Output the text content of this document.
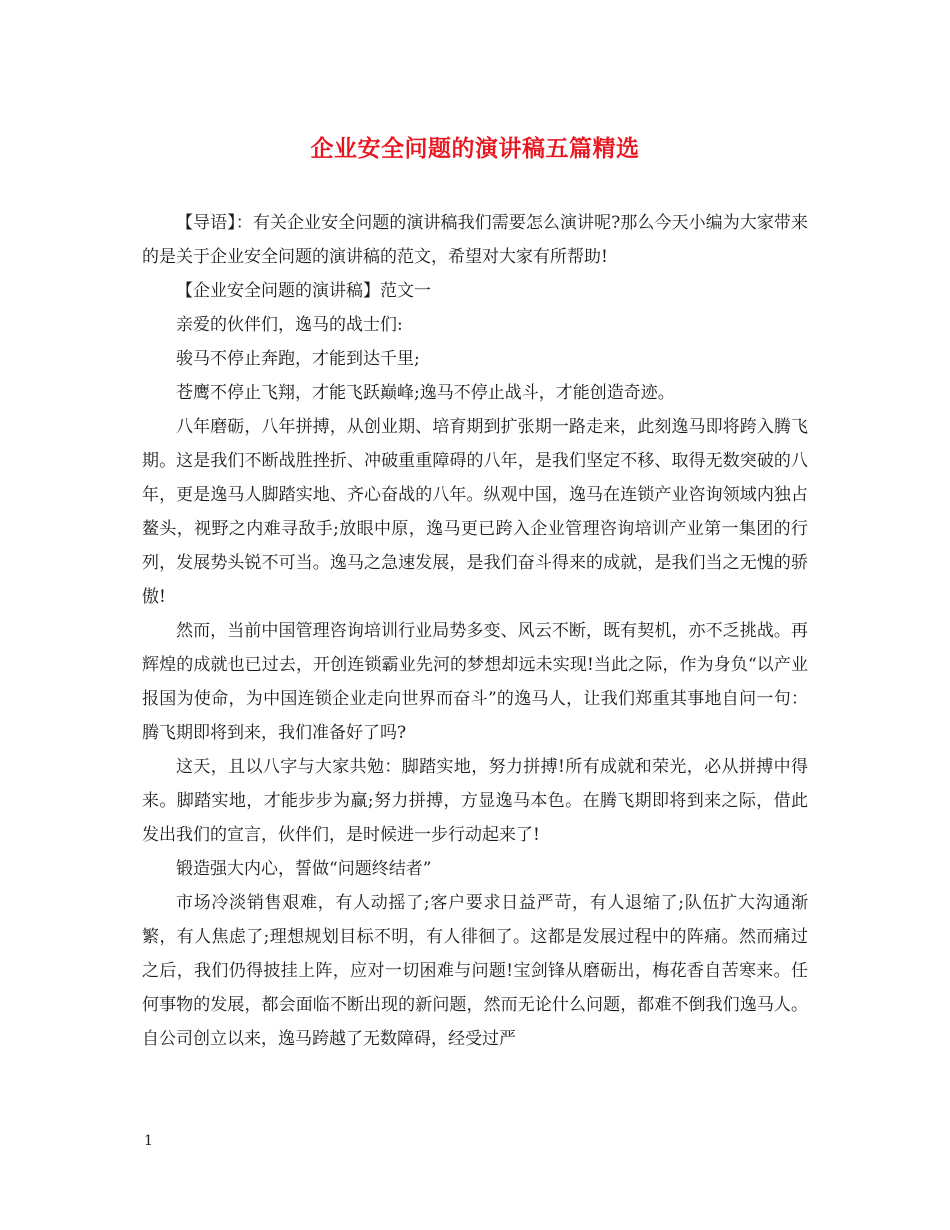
企业安全问题的演讲稿五篇精选

【导语】：有关企业安全问题的演讲稿我们需要怎么演讲呢?那么今天小编为大家带来的是关于企业安全问题的演讲稿的范文，希望对大家有所帮助!

【企业安全问题的演讲稿】范文一

亲爱的伙伴们，逸马的战士们:

骏马不停止奔跑，才能到达千里;

苍鹰不停止飞翔，才能飞跃巅峰;逸马不停止战斗，才能创造奇迹。

八年磨砺，八年拼搏，从创业期、培育期到扩张期一路走来，此刻逸马即将跨入腾飞期。这是我们不断战胜挫折、冲破重重障碍的八年，是我们坚定不移、取得无数突破的八年，更是逸马人脚踏实地、齐心奋战的八年。纵观中国，逸马在连锁产业咨询领域内独占鳌头，视野之内难寻敌手;放眼中原，逸马更已跨入企业管理咨询培训产业第一集团的行列，发展势头锐不可当。逸马之急速发展，是我们奋斗得来的成就，是我们当之无愧的骄傲!

然而，当前中国管理咨询培训行业局势多变、风云不断，既有契机，亦不乏挑战。再辉煌的成就也已过去，开创连锁霸业先河的梦想却远未实现!当此之际，作为身负“以产业报国为使命，为中国连锁企业走向世界而奋斗”的逸马人，让我们郑重其事地自问一句：腾飞期即将到来，我们准备好了吗?

这天，且以八字与大家共勉：脚踏实地，努力拼搏!所有成就和荣光，必从拼搏中得来。脚踏实地，才能步步为赢;努力拼搏，方显逸马本色。在腾飞期即将到来之际，借此发出我们的宣言，伙伴们，是时候进一步行动起来了!

锻造强大内心，誓做“问题终结者”

市场冷淡销售艰难，有人动摇了;客户要求日益严苛，有人退缩了;队伍扩大沟通渐繁，有人焦虑了;理想规划目标不明，有人徘徊了。这都是发展过程中的阵痛。然而痛过之后，我们仍得披挂上阵，应对一切困难与问题!宝剑锋从磨砺出，梅花香自苦寒来。任何事物的发展，都会面临不断出现的新问题，然而无论什么问题，都难不倒我们逸马人。自公司创立以来，逸马跨越了无数障碍，经受过严

1
